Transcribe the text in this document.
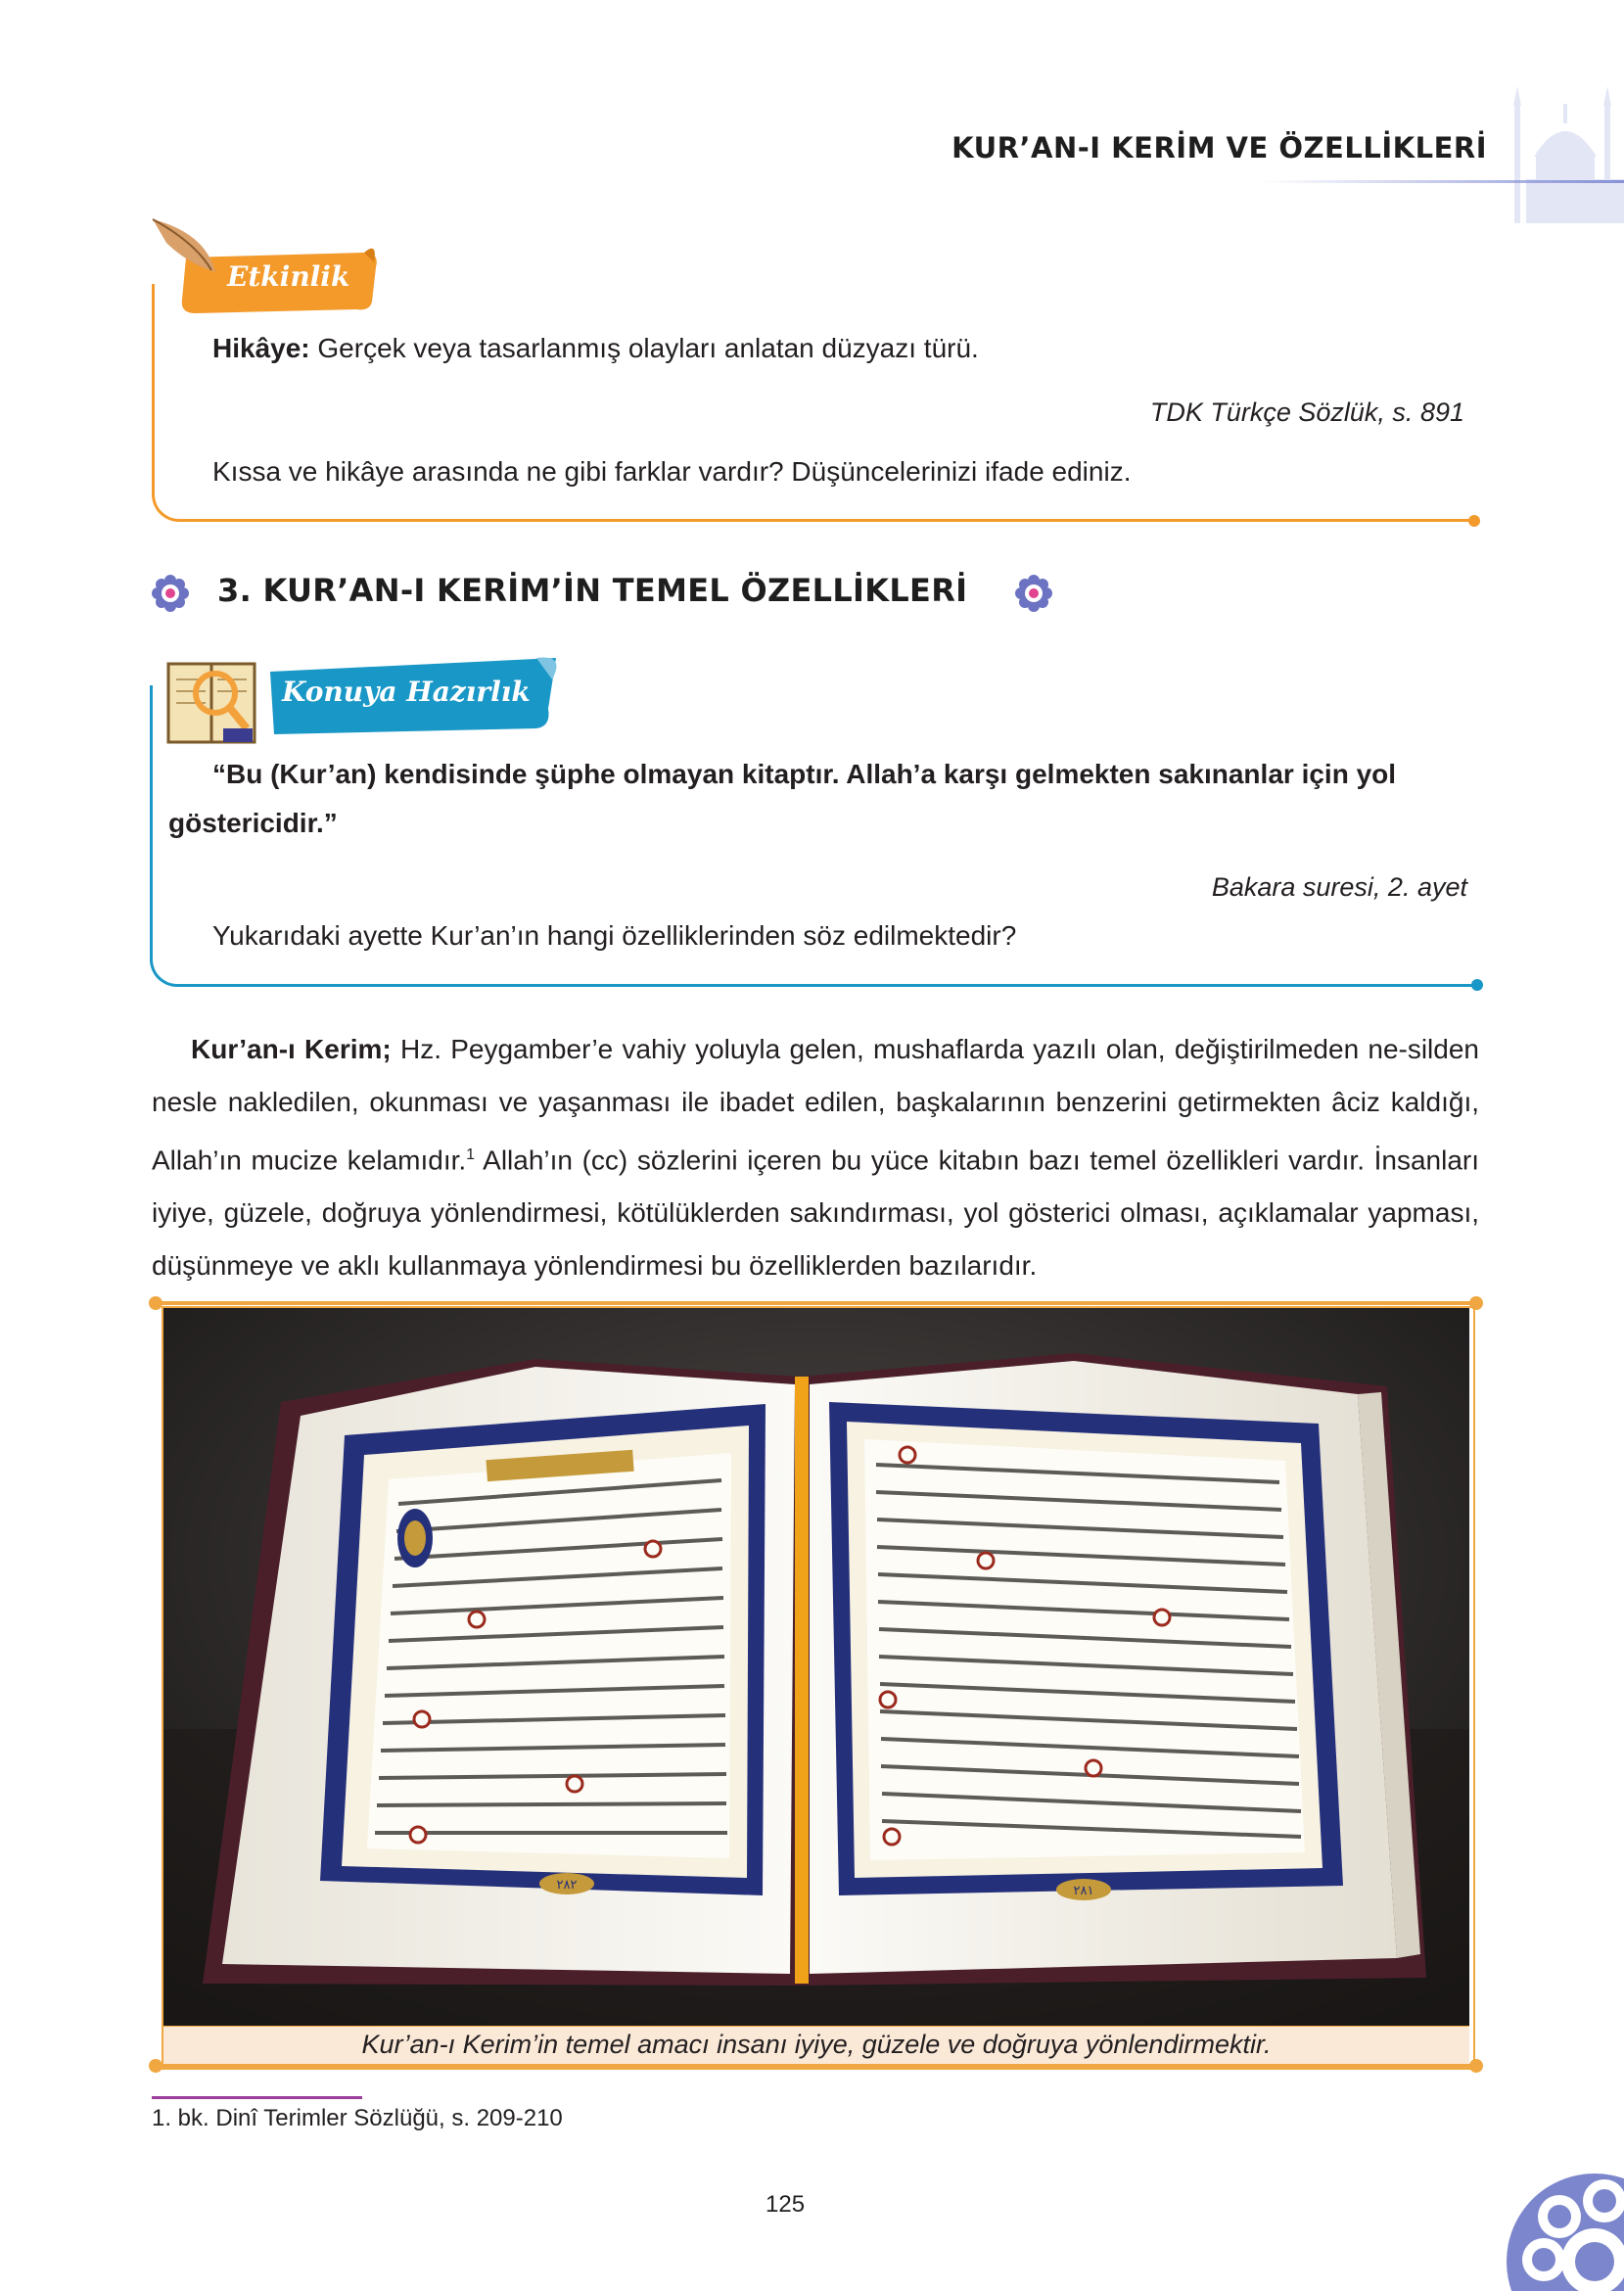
KUR’AN-I KERİM VE ÖZELLİKLERİ
Etkinlik

Hikâye: Gerçek veya tasarlanmış olayları anlatan düzyazı türü.

TDK Türkçe Sözlük, s. 891

Kıssa ve hikâye arasında ne gibi farklar vardır? Düşüncelerinizi ifade ediniz.

3. KUR’AN-I KERİM’İN TEMEL ÖZELLİKLERİ
Konuya Hazırlık

“Bu (Kur’an) kendisinde şüphe olmayan kitaptır. Allah’a karşı gelmekten sakınanlar için yol

göstericidir.”

Bakara suresi, 2. ayet

Yukarıdaki ayette Kur’an’ın hangi özelliklerinden söz edilmektedir?

Kur’an-ı Kerim; Hz. Peygamber’e vahiy yoluyla gelen, mushaflarda yazılı olan, değiştirilmeden ne-silden nesle nakledilen, okunması ve yaşanması ile ibadet edilen, başkalarının benzerini getirmekten âciz kaldığı, Allah’ın mucize kelamıdır.$^1$ Allah’ın (cc) sözlerini içeren bu yüce kitabın bazı temel özellikleri vardır. İnsanları iyiye, güzele, doğruya yönlendirmesi, kötülüklerden sakındırması, yol gösterici olması, açıklamalar yapması, düşünmeye ve aklı kullanmaya yönlendirmesi bu özelliklerden bazılarıdır.

٢٨٢	٢٨١
Kur’an-ı Kerim’in temel amacı insanı iyiye, güzele ve doğruya yönlendirmektir.
1. bk. Dinî Terimler Sözlüğü, s. 209-210
125
